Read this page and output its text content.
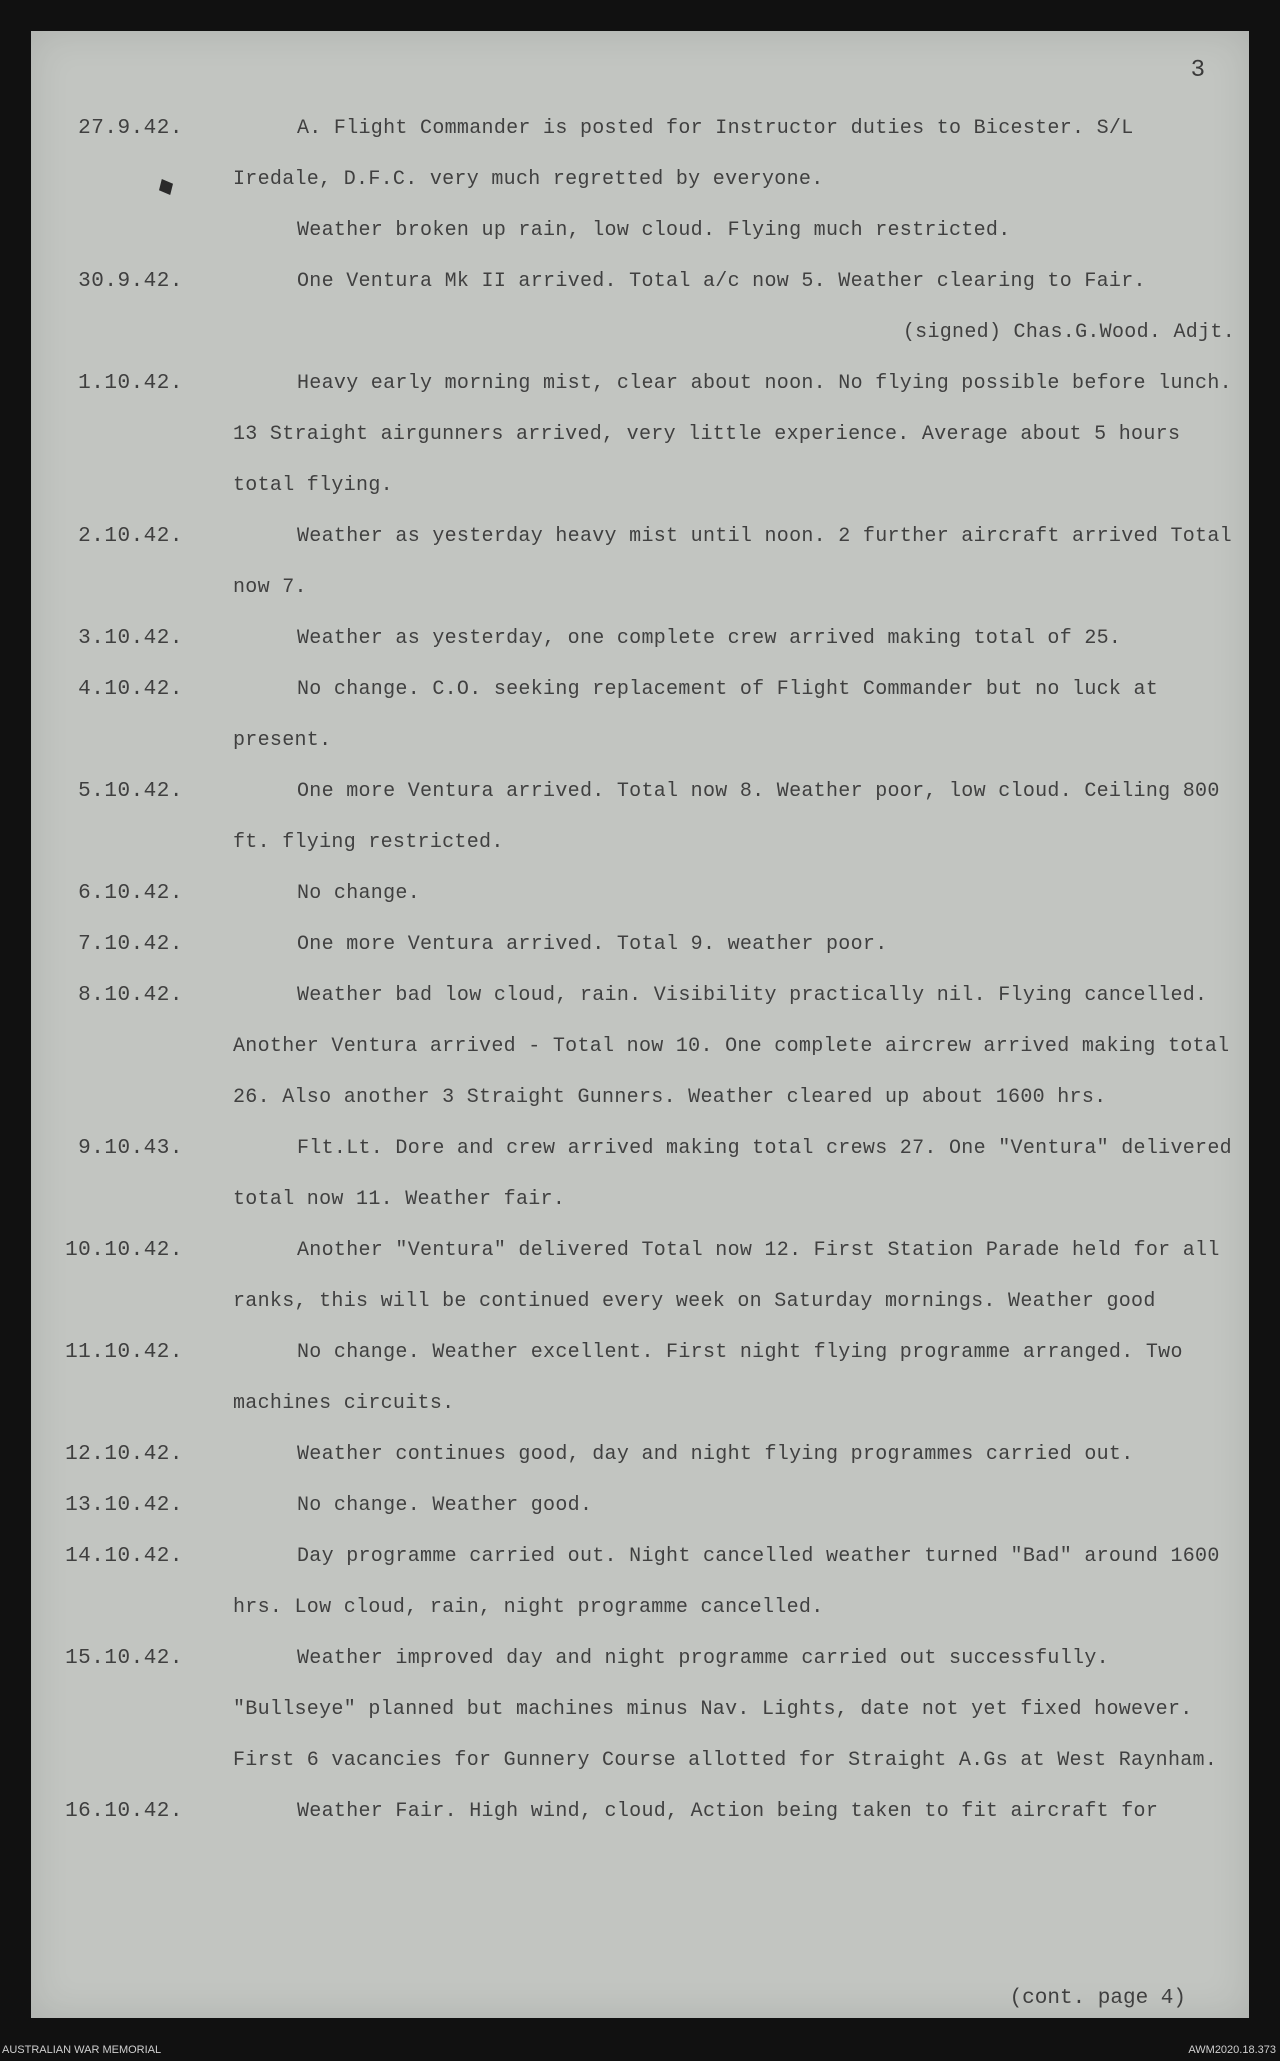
3
27.9.42.	A. Flight Commander is posted for Instructor duties to Bicester. S/L Iredale, D.F.C. very much regretted by everyone.
Weather broken up rain, low cloud. Flying much restricted.
30.9.42.	One Ventura Mk II arrived. Total a/c now 5. Weather clearing to Fair.
(signed) Chas.G.Wood. Adjt.
1.10.42.	Heavy early morning mist, clear about noon. No flying possible before lunch. 13 Straight airgunners arrived, very little experience. Average about 5 hours total flying.
2.10.42.	Weather as yesterday heavy mist until noon. 2 further aircraft arrived Total now 7.
3.10.42.	Weather as yesterday, one complete crew arrived making total of 25.
4.10.42.	No change. C.O. seeking replacement of Flight Commander but no luck at present.
5.10.42.	One more Ventura arrived. Total now 8. Weather poor, low cloud. Ceiling 800 ft. flying restricted.
6.10.42.	No change.
7.10.42.	One more Ventura arrived. Total 9. weather poor.
8.10.42.	Weather bad low cloud, rain. Visibility practically nil. Flying cancelled. Another Ventura arrived - Total now 10. One complete aircrew arrived making total 26. Also another 3 Straight Gunners. Weather cleared up about 1600 hrs.
9.10.43.	Flt.Lt. Dore and crew arrived making total crews 27. One "Ventura" delivered total now 11. Weather fair.
10.10.42.	Another "Ventura" delivered Total now 12. First Station Parade held for all ranks, this will be continued every week on Saturday mornings. Weather good
11.10.42.	No change. Weather excellent. First night flying programme arranged. Two machines circuits.
12.10.42.	Weather continues good, day and night flying programmes carried out.
13.10.42.	No change. Weather good.
14.10.42.	Day programme carried out. Night cancelled weather turned "Bad" around 1600 hrs. Low cloud, rain, night programme cancelled.
15.10.42.	Weather improved day and night programme carried out successfully. "Bullseye" planned but machines minus Nav. Lights, date not yet fixed however. First 6 vacancies for Gunnery Course allotted for Straight A.Gs at West Raynham.
16.10.42.	Weather Fair. High wind, cloud, Action being taken to fit aircraft for
(cont. page 4)
AUSTRALIAN WAR MEMORIAL	AWM2020.18.373
